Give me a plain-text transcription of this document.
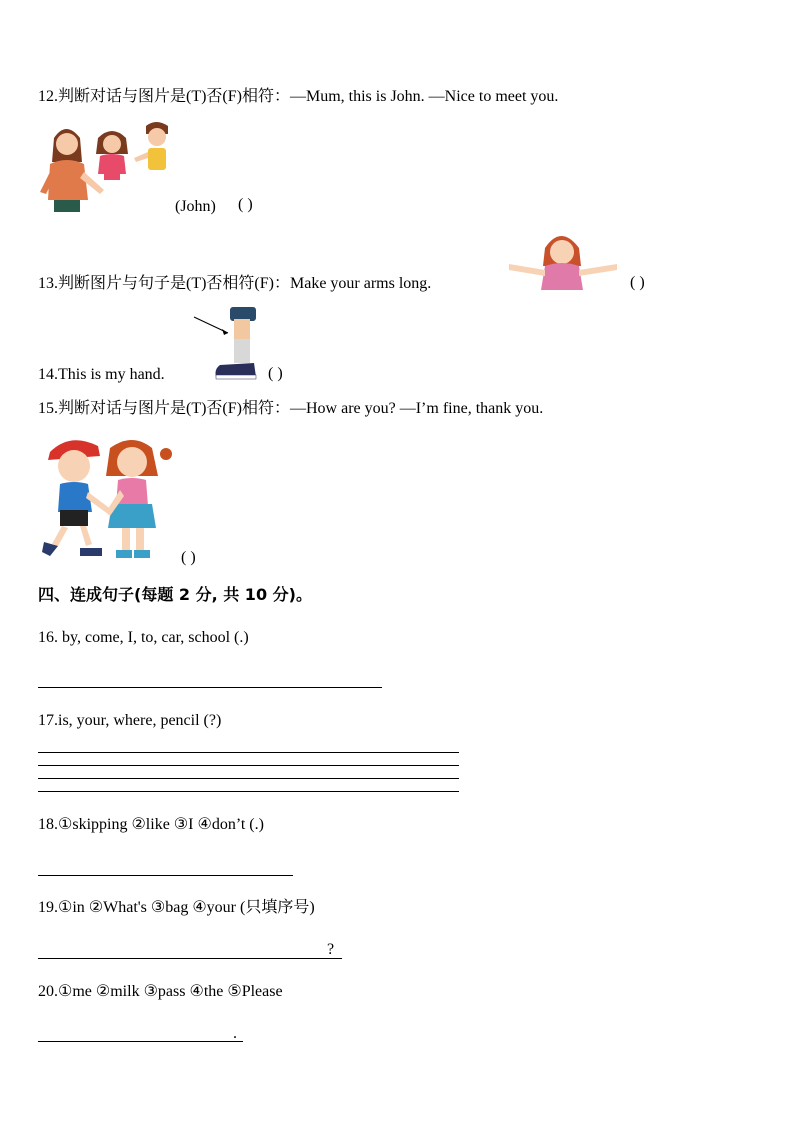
12.判断对话与图片是(T)否(F)相符：—Mum, this is John. —Nice to meet you.
(John) ( )
13.判断图片与句子是(T)否相符(F)：Make your arms long.	( )
14.This is my hand.	( )
15.判断对话与图片是(T)否(F)相符：—How are you? —I’m fine, thank you.
( )
四、连成句子(每题 2 分, 共 10 分)。
16. by, come, I, to, car, school (.)
17.is, your, where, pencil (?)
18.①skipping ②like ③I ④don’t (.)
19.①in ②What's ③bag ④your (只填序号)
?
20.①me ②milk ③pass ④the ⑤Please
.
